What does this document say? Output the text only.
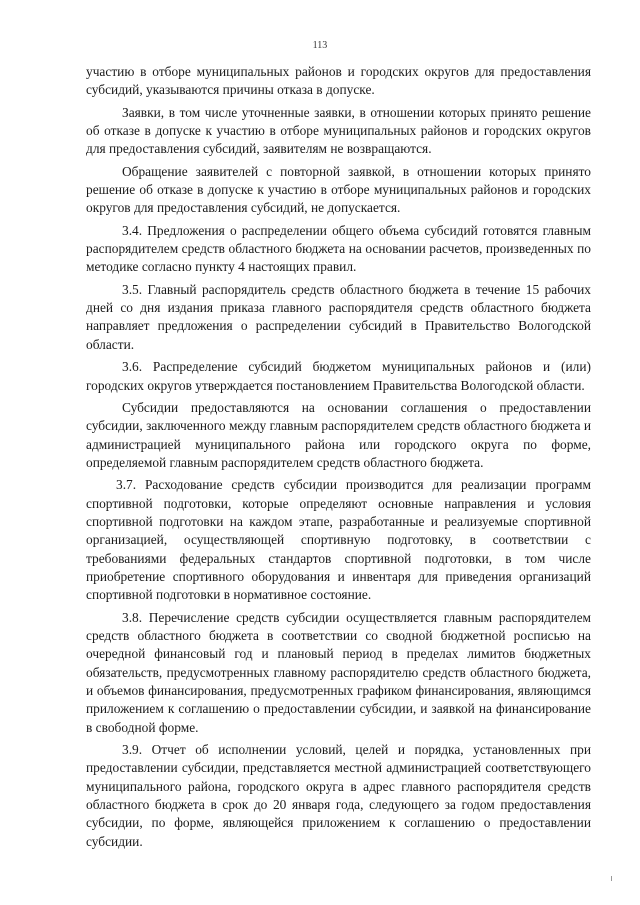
113

участию в отборе муниципальных районов и городских округов для предоставления субсидий, указываются причины отказа в допуске.

Заявки, в том числе уточненные заявки, в отношении которых принято решение об отказе в допуске к участию в отборе муниципальных районов и городских округов для предоставления субсидий, заявителям не возвращаются.

Обращение заявителей с повторной заявкой, в отношении которых принято решение об отказе в допуске к участию в отборе муниципальных районов и городских округов для предоставления субсидий, не допускается.

3.4. Предложения о распределении общего объема субсидий готовятся главным распорядителем средств областного бюджета на основании расчетов, произведенных по методике согласно пункту 4 настоящих правил.

3.5. Главный распорядитель средств областного бюджета в течение 15 рабочих дней со дня издания приказа главного распорядителя средств областного бюджета направляет предложения о распределении субсидий в Правительство Вологодской области.

3.6. Распределение субсидий бюджетом муниципальных районов и (или) городских округов утверждается постановлением Правительства Вологодской области.

Субсидии предоставляются на основании соглашения о предоставлении субсидии, заключенного между главным распорядителем средств областного бюджета и администрацией муниципального района или городского округа по форме, определяемой главным распорядителем средств областного бюджета.

3.7. Расходование средств субсидии производится для реализации программ спортивной подготовки, которые определяют основные направления и условия спортивной подготовки на каждом этапе, разработанные и реализуемые спортивной организацией, осуществляющей спортивную подготовку, в соответствии с требованиями федеральных стандартов спортивной подготовки, в том числе приобретение спортивного оборудования и инвентаря для приведения организаций спортивной подготовки в нормативное состояние.

3.8. Перечисление средств субсидии осуществляется главным распорядителем средств областного бюджета в соответствии со сводной бюджетной росписью на очередной финансовый год и плановый период в пределах лимитов бюджетных обязательств, предусмотренных главному распорядителю средств областного бюджета, и объемов финансирования, предусмотренных графиком финансирования, являющимся приложением к соглашению о предоставлении субсидии, и заявкой на финансирование в свободной форме.

3.9. Отчет об исполнении условий, целей и порядка, установленных при предоставлении субсидии, представляется местной администрацией соответствующего муниципального района, городского округа в адрес главного распорядителя средств областного бюджета в срок до 20 января года, следующего за годом предоставления субсидии, по форме, являющейся приложением к соглашению о предоставлении субсидии.
